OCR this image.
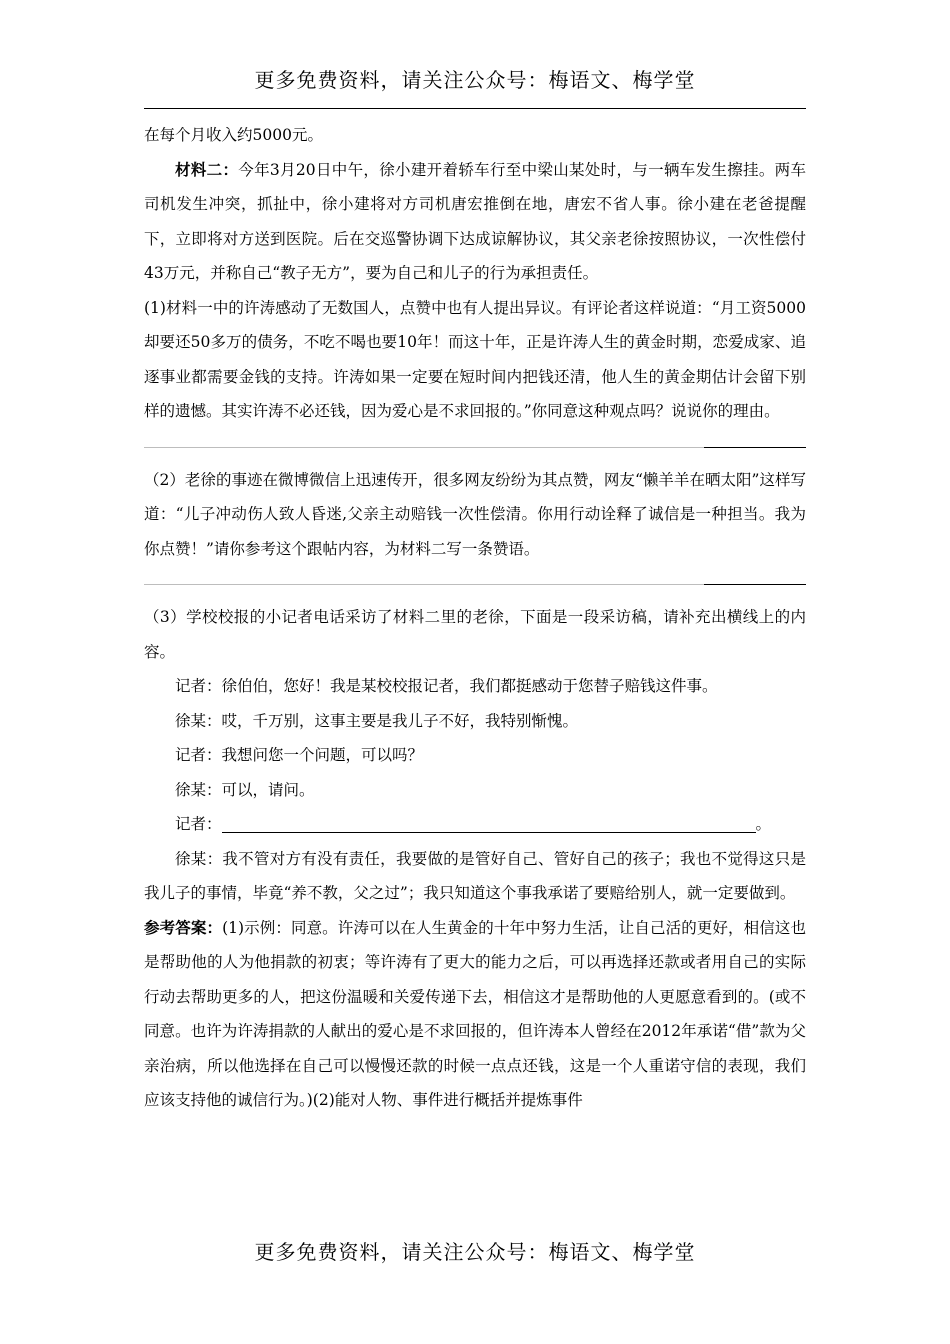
更多免费资料，请关注公众号：梅语文、梅学堂

在每个月收入约5000元。

材料二：今年3月20日中午，徐小建开着轿车行至中梁山某处时，与一辆车发生擦挂。两车司机发生冲突，抓扯中，徐小建将对方司机唐宏推倒在地，唐宏不省人事。徐小建在老爸提醒下，立即将对方送到医院。后在交巡警协调下达成谅解协议，其父亲老徐按照协议，一次性偿付43万元，并称自己“教子无方”，要为自己和儿子的行为承担责任。

(1)材料一中的许涛感动了无数国人，点赞中也有人提出异议。有评论者这样说道：“月工资5000却要还50多万的债务，不吃不喝也要10年！而这十年，正是许涛人生的黄金时期，恋爱成家、追逐事业都需要金钱的支持。许涛如果一定要在短时间内把钱还清，他人生的黄金期估计会留下别样的遗憾。其实许涛不必还钱，因为爱心是不求回报的。”你同意这种观点吗？说说你的理由。

（2）老徐的事迹在微博微信上迅速传开，很多网友纷纷为其点赞，网友“懒羊羊在晒太阳”这样写道：“儿子冲动伤人致人昏迷,父亲主动赔钱一次性偿清。你用行动诠释了诚信是一种担当。我为你点赞！”请你参考这个跟帖内容，为材料二写一条赞语。

（3）学校校报的小记者电话采访了材料二里的老徐，下面是一段采访稿，请补充出横线上的内容。

记者：徐伯伯，您好！我是某校校报记者，我们都挺感动于您替子赔钱这件事。

徐某：哎，千万别，这事主要是我儿子不好，我特别惭愧。

记者：我想问您一个问题，可以吗？

徐某：可以，请问。

记者：	。

徐某：我不管对方有没有责任，我要做的是管好自己、管好自己的孩子；我也不觉得这只是我儿子的事情，毕竟“养不教，父之过”；我只知道这个事我承诺了要赔给别人，就一定要做到。

参考答案：(1)示例：同意。许涛可以在人生黄金的十年中努力生活，让自己活的更好，相信这也是帮助他的人为他捐款的初衷；等许涛有了更大的能力之后，可以再选择还款或者用自己的实际行动去帮助更多的人，把这份温暖和关爱传递下去，相信这才是帮助他的人更愿意看到的。(或不同意。也许为许涛捐款的人献出的爱心是不求回报的，但许涛本人曾经在2012年承诺“借”款为父亲治病，所以他选择在自己可以慢慢还款的时候一点点还钱，这是一个人重诺守信的表现，我们应该支持他的诚信行为。)(2)能对人物、事件进行概括并提炼事件

更多免费资料，请关注公众号：梅语文、梅学堂
